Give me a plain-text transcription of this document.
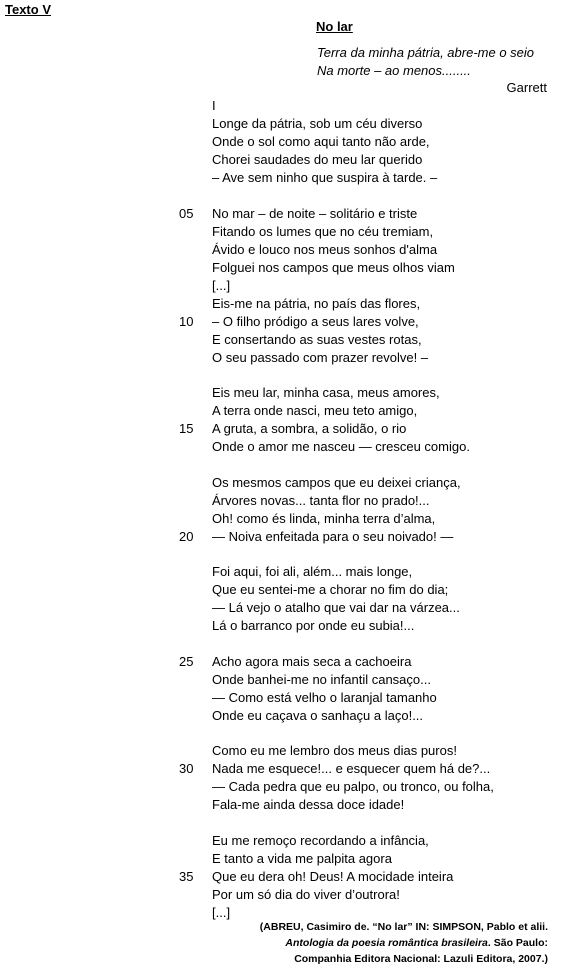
Texto V
No lar
Terra da minha pátria, abre-me o seio
Na morte – ao menos........
Garrett
I
Longe da pátria, sob um céu diverso
Onde o sol como aqui tanto não arde,
Chorei saudades do meu lar querido
– Ave sem ninho que suspira à tarde. –
05 No mar – de noite – solitário e triste
Fitando os lumes que no céu tremiam,
Ávido e louco nos meus sonhos d'alma
Folguei nos campos que meus olhos viam
[...]
Eis-me na pátria, no país das flores,
10 – O filho pródigo a seus lares volve,
E consertando as suas vestes rotas,
O seu passado com prazer revolve! –
Eis meu lar, minha casa, meus amores,
A terra onde nasci, meu teto amigo,
15 A gruta, a sombra, a solidão, o rio
Onde o amor me nasceu — cresceu comigo.
Os mesmos campos que eu deixei criança,
Árvores novas... tanta flor no prado!...
Oh! como és linda, minha terra d’alma,
20 — Noiva enfeitada para o seu noivado! —
Foi aqui, foi ali, além... mais longe,
Que eu sentei-me a chorar no fim do dia;
— Lá vejo o atalho que vai dar na várzea...
Lá o barranco por onde eu subia!...
25 Acho agora mais seca a cachoeira
Onde banhei-me no infantil cansaço...
— Como está velho o laranjal tamanho
Onde eu caçava o sanhaçu a laço!...
Como eu me lembro dos meus dias puros!
30 Nada me esquece!... e esquecer quem há de?...
— Cada pedra que eu palpo, ou tronco, ou folha,
Fala-me ainda dessa doce idade!
Eu me remoço recordando a infância,
E tanto a vida me palpita agora
35 Que eu dera oh! Deus! A mocidade inteira
Por um só dia do viver d’outrora!
[...]
(ABREU, Casimiro de. “No lar” IN: SIMPSON, Pablo et alii.
Antologia da poesia romântica brasileira. São Paulo:
Companhia Editora Nacional: Lazuli Editora, 2007.)
